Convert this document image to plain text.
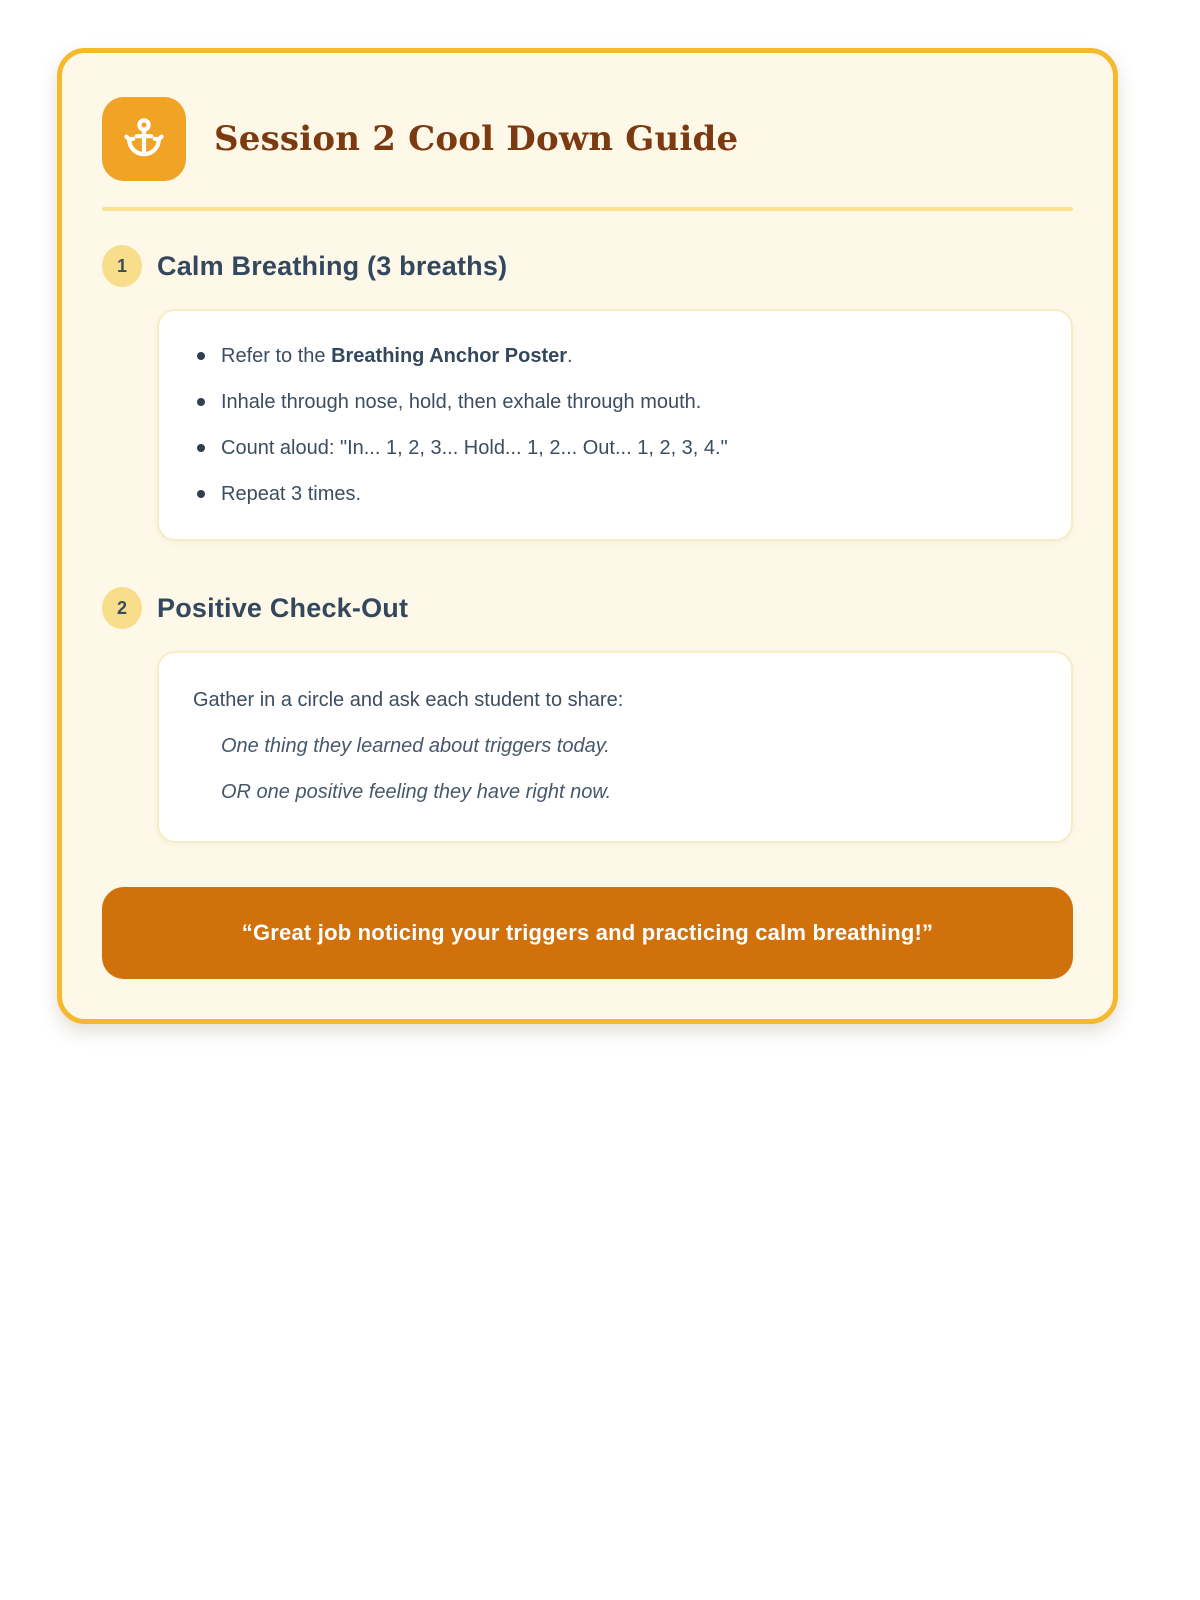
Session 2 Cool Down Guide
1	Calm Breathing (3 breaths)
Refer to the Breathing Anchor Poster.
Inhale through nose, hold, then exhale through mouth.
Count aloud: "In... 1, 2, 3... Hold... 1, 2... Out... 1, 2, 3, 4."
Repeat 3 times.
2	Positive Check-Out

Gather in a circle and ask each student to share:

One thing they learned about triggers today.

OR one positive feeling they have right now.

“Great job noticing your triggers and practicing calm breathing!”
